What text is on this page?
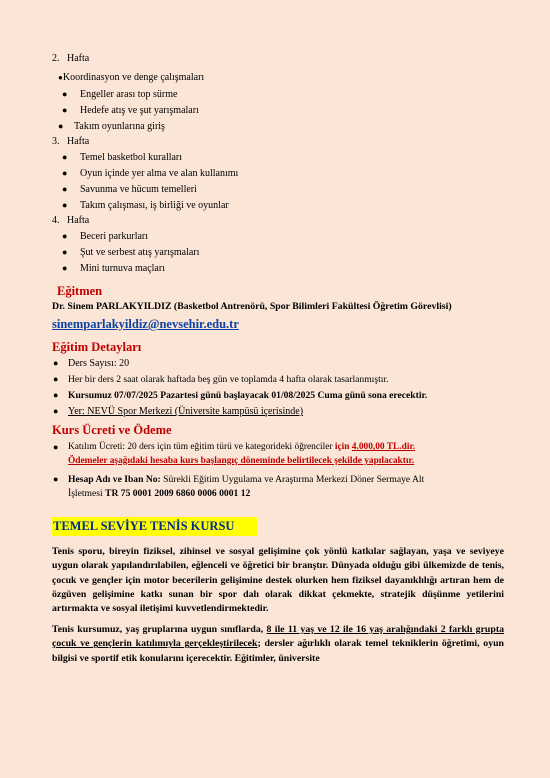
2. Hafta
●Koordinasyon ve denge çalışmaları
● Engeller arası top sürme
● Hedefe atış ve şut yarışmaları
● Takım oyunlarına giriş
3. Hafta
● Temel basketbol kuralları
● Oyun içinde yer alma ve alan kullanımı
● Savunma ve hücum temelleri
● Takım çalışması, iş birliği ve oyunlar
4. Hafta
● Beceri parkurları
● Şut ve serbest atış yarışmaları
● Mini turnuva maçları
Eğitmen
Dr. Sinem PARLAKYILDIZ (Basketbol Antrenörü, Spor Bilimleri Fakültesi Öğretim Görevlisi)
sinemparlakyildiz@nevsehir.edu.tr
Eğitim Detayları
● Ders Sayısı: 20
● Her bir ders 2 saat olarak haftada beş gün ve toplamda 4 hafta olarak tasarlanmıştır.
● Kursumuz 07/07/2025 Pazartesi günü başlayacak 01/08/2025 Cuma günü sona erecektir.
● Yer: NEVÜ Spor Merkezi (Üniversite kampüsü içerisinde)
Kurs Ücreti ve Ödeme
● Katılım Ücreti: 20 ders için tüm eğitim türü ve kategorideki öğrenciler için 4.000,00 TL.dir.
Ödemeler aşağıdaki hesaba kurs başlangıç döneminde belirtilecek şekilde yapılacaktır.
● Hesap Adı ve Iban No: Sürekli Eğitim Uygulama ve Araştırma Merkezi Döner Sermaye Alt
İşletmesi TR 75 0001 2009 6860 0006 0001 12
TEMEL SEVİYE TENİS KURSU
Tenis sporu, bireyin fiziksel, zihinsel ve sosyal gelişimine çok yönlü katkılar sağlayan, yaşa ve seviyeye uygun olarak yapılandırılabilen, eğlenceli ve öğretici bir branştır. Dünyada olduğu gibi ülkemizde de tenis, çocuk ve gençler için motor becerilerin gelişimine destek olurken hem fiziksel dayanıklılığı artıran hem de özgüven gelişimine katkı sunan bir spor dalı olarak dikkat çekmekte, stratejik düşünme yetilerini artırmakta ve sosyal iletişimi kuvvetlendirmektedir.
Tenis kursumuz, yaş gruplarına uygun sınıflarda, 8 ile 11 yaş ve 12 ile 16 yaş aralığındaki 2 farklı grupta çocuk ve gençlerin katılımıyla gerçekleştirilecek; dersler ağırlıklı olarak temel tekniklerin öğretimi, oyun bilgisi ve sportif etik konularını içerecektir. Eğitimler, üniversite
